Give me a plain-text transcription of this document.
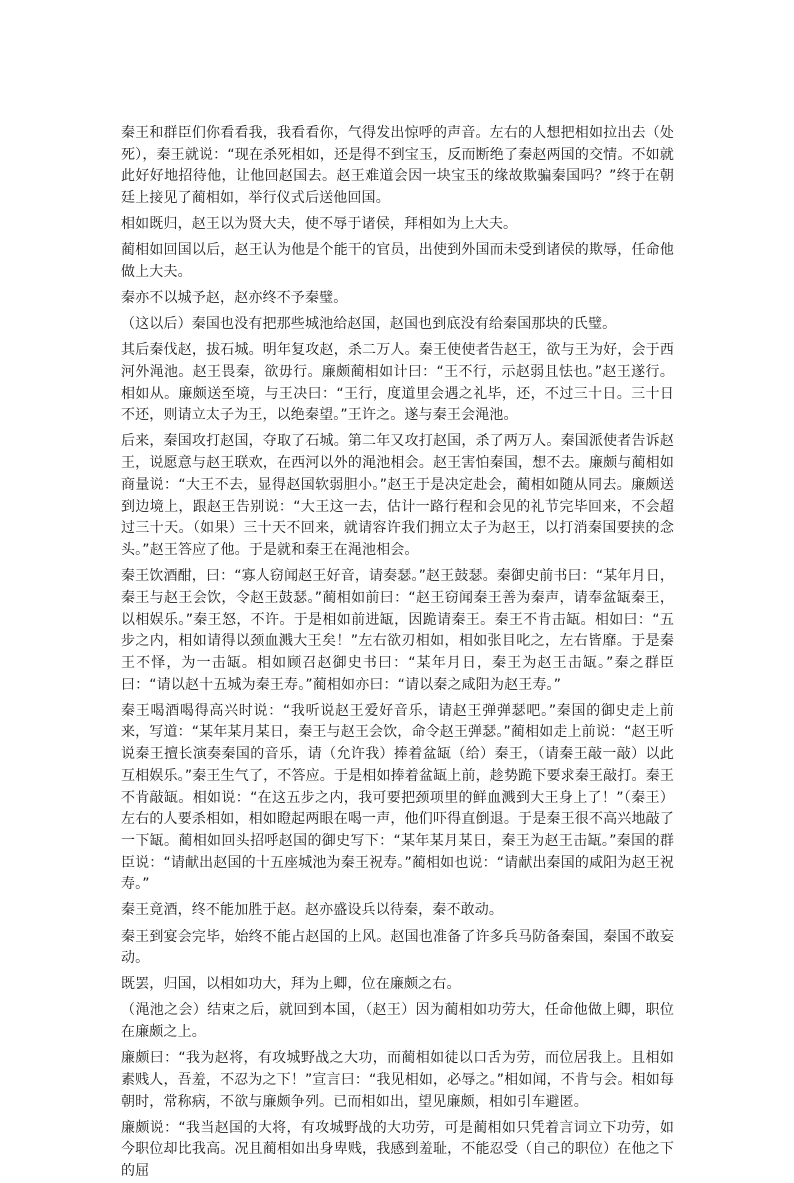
秦王和群臣们你看看我，我看看你，气得发出惊呼的声音。左右的人想把相如拉出去（处死），秦王就说：“现在杀死相如，还是得不到宝玉，反而断绝了秦赵两国的交情。不如就此好好地招待他，让他回赵国去。赵王难道会因一块宝玉的缘故欺骗秦国吗？”终于在朝廷上接见了蔺相如，举行仪式后送他回国。

相如既归，赵王以为贤大夫，使不辱于诸侯，拜相如为上大夫。

蔺相如回国以后，赵王认为他是个能干的官员，出使到外国而未受到诸侯的欺辱，任命他做上大夫。

秦亦不以城予赵，赵亦终不予秦璧。

（这以后）秦国也没有把那些城池给赵国，赵国也到底没有给秦国那块的氏璧。

其后秦伐赵，拔石城。明年复攻赵，杀二万人。秦王使使者告赵王，欲与王为好，会于西河外渑池。赵王畏秦，欲毋行。廉颇蔺相如计曰：“王不行，示赵弱且怯也。”赵王遂行。相如从。廉颇送至境，与王决曰：“王行，度道里会遇之礼毕，还，不过三十日。三十日不还，则请立太子为王，以绝秦望。”王许之。遂与秦王会渑池。

后来，秦国攻打赵国，夺取了石城。第二年又攻打赵国，杀了两万人。秦国派使者告诉赵王，说愿意与赵王联欢，在西河以外的渑池相会。赵王害怕秦国，想不去。廉颇与蔺相如商量说：“大王不去，显得赵国软弱胆小。”赵王于是决定赴会，蔺相如随从同去。廉颇送到边境上，跟赵王告别说：“大王这一去，估计一路行程和会见的礼节完毕回来，不会超过三十天。（如果）三十天不回来，就请容许我们拥立太子为赵王，以打消秦国要挟的念头。”赵王答应了他。于是就和秦王在渑池相会。

秦王饮酒酣，曰：“寡人窃闻赵王好音，请奏瑟。”赵王鼓瑟。秦御史前书曰：“某年月日，秦王与赵王会饮，令赵王鼓瑟。”蔺相如前曰：“赵王窃闻秦王善为秦声，请奉盆缻秦王，以相娱乐。”秦王怒，不许。于是相如前进缻，因跪请秦王。秦王不肯击缻。相如曰：“五步之内，相如请得以颈血溅大王矣！”左右欲刃相如，相如张目叱之，左右皆靡。于是秦王不怿，为一击缻。相如顾召赵御史书曰：“某年月日，秦王为赵王击缻。”秦之群臣曰：“请以赵十五城为秦王寿。”蔺相如亦曰：“请以秦之咸阳为赵王寿。”

秦王喝酒喝得高兴时说：“我听说赵王爱好音乐，请赵王弹弹瑟吧。”秦国的御史走上前来，写道：“某年某月某日，秦王与赵王会饮，命令赵王弹瑟。”蔺相如走上前说：“赵王听说秦王擅长演奏秦国的音乐，请（允许我）捧着盆缻（给）秦王，（请秦王敲一敲）以此互相娱乐。”秦王生气了，不答应。于是相如捧着盆缻上前，趁势跪下要求秦王敲打。秦王不肯敲缻。相如说：“在这五步之内，我可要把颈项里的鲜血溅到大王身上了！”（秦王）左右的人要杀相如，相如瞪起两眼在喝一声，他们吓得直倒退。于是秦王很不高兴地敲了一下缻。蔺相如回头招呼赵国的御史写下：“某年某月某日，秦王为赵王击缻。”秦国的群臣说：“请献出赵国的十五座城池为秦王祝寿。”蔺相如也说：“请献出秦国的咸阳为赵王祝寿。”

秦王竟酒，终不能加胜于赵。赵亦盛设兵以待秦，秦不敢动。

秦王到宴会完毕，始终不能占赵国的上风。赵国也准备了许多兵马防备秦国，秦国不敢妄动。

既罢，归国，以相如功大，拜为上卿，位在廉颇之右。

（渑池之会）结束之后，就回到本国，（赵王）因为蔺相如功劳大，任命他做上卿，职位在廉颇之上。

廉颇曰：“我为赵将，有攻城野战之大功，而蔺相如徒以口舌为劳，而位居我上。且相如素贱人，吾羞，不忍为之下！”宣言曰：“我见相如，必辱之。”相如闻，不肯与会。相如每朝时，常称病，不欲与廉颇争列。已而相如出，望见廉颇，相如引车避匿。

廉颇说：“我当赵国的大将，有攻城野战的大功劳，可是蔺相如只凭着言词立下功劳，如今职位却比我高。况且蔺相如出身卑贱，我感到羞耻，不能忍受（自己的职位）在他之下的屈
